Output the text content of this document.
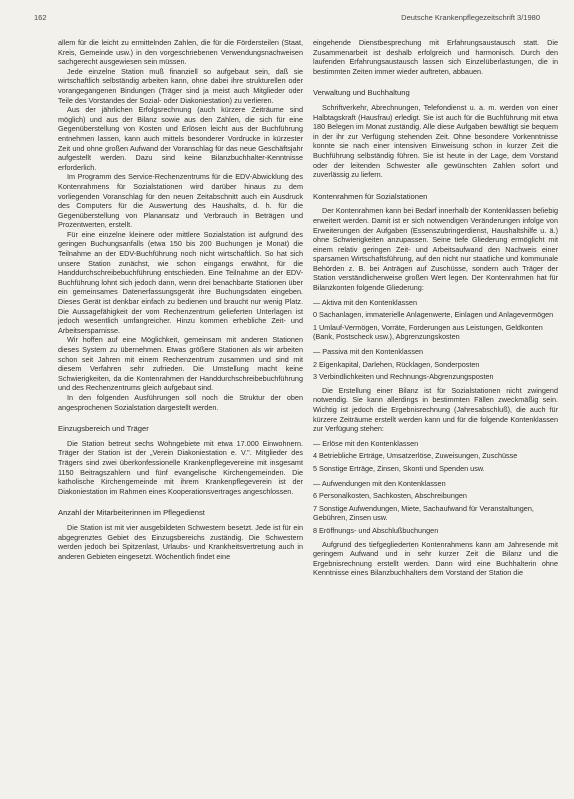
162	Deutsche Krankenpflegezeitschrift 3/1980

allem für die leicht zu ermittelnden Zahlen, die für die Fördersteilen (Staat, Kreis, Gemeinde usw.) in den vorgeschriebenen Verwendungsnachweisen sachgerecht ausgewiesen sein müssen.

Jede einzelne Station muß finanziell so aufgebaut sein, daß sie wirtschaftlich selbständig arbeiten kann, ohne dabei ihre strukturellen oder vorangegangenen Bindungen (Träger sind ja meist auch Mitglieder oder Teile des Vorstandes der Sozial- oder Diakoniestation) zu verlieren.

Aus der jährlichen Erfolgsrechnung (auch kürzere Zeiträume sind möglich) und aus der Bilanz sowie aus den Zahlen, die sich für eine Gegenüberstellung von Kosten und Erlösen leicht aus der Buchführung entnehmen lassen, kann auch mittels besonderer Vordrucke in kürzester Zeit und ohne großen Aufwand der Voranschlag für das neue Geschäftsjahr aufgestellt werden. Dazu sind keine Bilanzbuchhalter-Kenntnisse erforderlich.

Im Programm des Service-Rechenzentrums für die EDV-Abwicklung des Kontenrahmens für Sozialstationen wird darüber hinaus zu dem vorliegenden Voranschlag für den neuen Zeitabschnitt auch ein Ausdruck des Computers für die Auswertung des Haushalts, d. h. für die Gegenüberstellung von Planansatz und Verbrauch in Beträgen und Prozentwerten, erstellt.

Für eine einzelne kleinere oder mittlere Sozialstation ist aufgrund des geringen Buchungsanfalls (etwa 150 bis 200 Buchungen je Monat) die Teilnahme an der EDV-Buchführung noch nicht wirtschaftlich. So hat sich unsere Station zunächst, wie schon eingangs erwähnt, für die Handdurchschreibebuchführung entschieden. Eine Teilnahme an der EDV-Buchführung lohnt sich jedoch dann, wenn drei benachbarte Stationen über ein gemeinsames Datenerfassungsgerät ihre Buchungsdaten eingeben. Dieses Gerät ist denkbar einfach zu bedienen und braucht nur wenig Platz. Die Aussagefähigkeit der vom Rechenzentrum gelieferten Unterlagen ist jedoch wesentlich umfangreicher. Hinzu kommen erhebliche Zeit- und Arbeitsersparnisse.

Wir hoffen auf eine Möglichkeit, gemeinsam mit anderen Stationen dieses System zu übernehmen. Etwas größere Stationen als wir arbeiten schon seit Jahren mit einem Rechenzentrum zusammen und sind mit diesem Verfahren sehr zufrieden. Die Umstellung macht keine Schwierigkeiten, da die Kontenrahmen der Handdurchschreibebuchführung und des Rechenzentrums gleich aufgebaut sind.

In den folgenden Ausführungen soll noch die Struktur der oben angesprochenen Sozialstation dargestellt werden.

Einzugsbereich und Träger

Die Station betreut sechs Wohngebiete mit etwa 17.000 Einwohnern. Träger der Station ist der „Verein Diakoniestation e. V.". Mitglieder des Trägers sind zwei überkonfessionelle Krankenpflegevereine mit insgesamt 1150 Beitragszahlern und fünf evangelische Kirchengemeinden. Die katholische Kirchengemeinde mit ihrem Krankenpflegeverein ist der Diakoniestation im Rahmen eines Kooperationsvertrages angeschlossen.

Anzahl der Mitarbeiterinnen im Pflegedienst

Die Station ist mit vier ausgebildeten Schwestern besetzt. Jede ist für ein abgegrenztes Gebiet des Einzugsbereichs zuständig. Die Schwestern werden jedoch bei Spitzenlast, Urlaubs- und Krankheitsvertretung auch in anderen Gebieten eingesetzt. Wöchentlich findet eine

eingehende Dienstbesprechung mit Erfahrungsaustausch statt. Die Zusammenarbeit ist deshalb erfolgreich und harmonisch. Durch den laufenden Erfahrungsaustausch lassen sich Einzelüberlastungen, die in bestimmten Zeiten immer wieder auftreten, abbauen.

Verwaltung und Buchhaltung

Schriftverkehr, Abrechnungen, Telefondienst u. a. m. werden von einer Halbtagskraft (Hausfrau) erledigt. Sie ist auch für die Buchführung mit etwa 180 Belegen im Monat zuständig. Alle diese Aufgaben bewältigt sie bequem in der ihr zur Verfügung stehenden Zeit. Ohne besondere Vorkenntnisse konnte sie nach einer intensiven Einweisung schon in kurzer Zeit die Buchführung selbständig führen. Sie ist heute in der Lage, dem Vorstand oder der leitenden Schwester alle gewünschten Zahlen sofort und zuverlässig zu liefern.

Kontenrahmen für Sozialstationen

Der Kontenrahmen kann bei Bedarf innerhalb der Kontenklassen beliebig erweitert werden. Damit ist er sich notwendigen Veränderungen infolge von Erweiterungen der Aufgaben (Essenszubringerdienst, Haushaltshilfe u. ä.) ohne Schwierigkeiten anzupassen. Seine tiefe Gliederung ermöglicht mit einem relativ geringen Zeit- und Arbeitsaufwand den Nachweis einer sparsamen Wirtschaftsführung, auf den nicht nur staatliche und kommunale Behörden z. B. bei Anträgen auf Zuschüsse, sondern auch Träger der Station verständlicherweise großen Wert legen. Der Kontenrahmen hat für Bilanzkonten folgende Gliederung:

— Aktiva mit den Kontenklassen

0 Sachanlagen, immaterielle Anlagenwerte, Einlagen und Anlagevermögen

1 Umlauf-Vermögen, Vorräte, Forderungen aus Leistungen, Geldkonten (Bank, Postscheck usw.), Abgrenzungskosten

— Passiva mit den Kontenklassen

2 Eigenkapital, Darlehen, Rücklagen, Sonderposten

3 Verbindlichkeiten und Rechnungs-Abgrenzungsposten

Die Erstellung einer Bilanz ist für Sozialstationen nicht zwingend notwendig. Sie kann allerdings in bestimmten Fällen zweckmäßig sein. Wichtig ist jedoch die Ergebnisrechnung (Jahresabschluß), die auch für kürzere Zeiträume erstellt werden kann und für die folgende Kontenklassen zur Verfügung stehen:

— Erlöse mit den Kontenklassen

4 Betriebliche Erträge, Umsatzerlöse, Zuweisungen, Zuschüsse

5 Sonstige Erträge, Zinsen, Skonti und Spenden usw.

— Aufwendungen mit den Kontenklassen

6 Personalkosten, Sachkosten, Abschreibungen

7 Sonstige Aufwendungen, Miete, Sachaufwand für Veranstaltungen, Gebühren, Zinsen usw.

8 Eröffnungs- und Abschlußbuchungen

Aufgrund des tiefgegliederten Kontenrahmens kann am Jahresende mit geringem Aufwand und in sehr kurzer Zeit die Bilanz und die Ergebnisrechnung erstellt werden. Dann wird eine Buchhalterin ohne Kenntnisse eines Bilanzbuchhalters dem Vorstand der Station die
